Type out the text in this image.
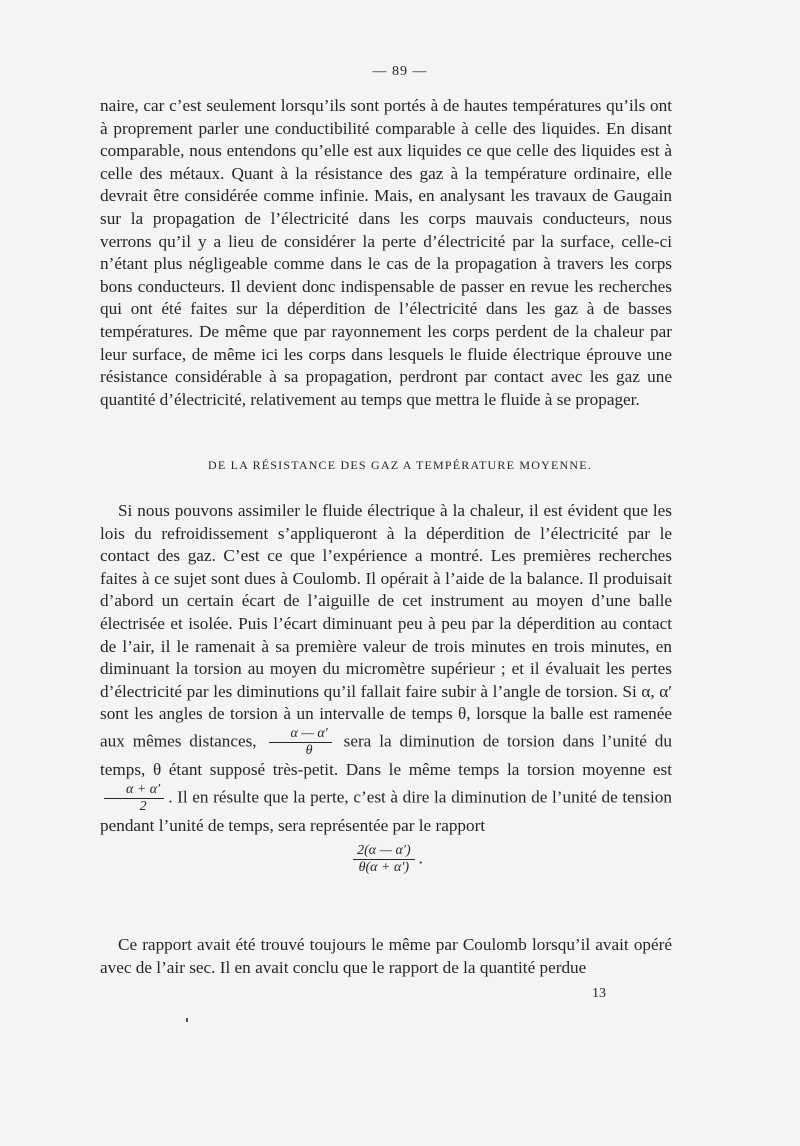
— 89 —

naire, car c’est seulement lorsqu’ils sont portés à de hautes températures qu’ils ont à proprement parler une conductibilité comparable à celle des liquides. En disant comparable, nous entendons qu’elle est aux liquides ce que celle des liquides est à celle des métaux. Quant à la résistance des gaz à la température ordinaire, elle devrait être considérée comme infinie. Mais, en analysant les travaux de Gaugain sur la propagation de l’électricité dans les corps mauvais conducteurs, nous verrons qu’il y a lieu de considérer la perte d’électricité par la surface, celle-ci n’étant plus négligeable comme dans le cas de la propagation à travers les corps bons conducteurs. Il devient donc indispensable de passer en revue les recherches qui ont été faites sur la déperdition de l’électricité dans les gaz à de basses températures. De même que par rayonnement les corps perdent de la chaleur par leur surface, de même ici les corps dans lesquels le fluide électrique éprouve une résistance considérable à sa propagation, perdront par contact avec les gaz une quantité d’électricité, relativement au temps que mettra le fluide à se propager.

DE LA RÉSISTANCE DES GAZ A TEMPÉRATURE MOYENNE.

Si nous pouvons assimiler le fluide électrique à la chaleur, il est évident que les lois du refroidissement s’appliqueront à la déperdition de l’électricité par le contact des gaz. C’est ce que l’expérience a montré. Les premières recherches faites à ce sujet sont dues à Coulomb. Il opérait à l’aide de la balance. Il produisait d’abord un certain écart de l’aiguille de cet instrument au moyen d’une balle électrisée et isolée. Puis l’écart diminuant peu à peu par la déperdition au contact de l’air, il le ramenait à sa première valeur de trois minutes en trois minutes, en diminuant la torsion au moyen du micromètre supérieur ; et il évaluait les pertes d’électricité par les diminutions qu’il fallait faire subir à l’angle de torsion. Si α, α′ sont les angles de torsion à un intervalle de temps θ, lorsque la balle est ramenée aux mêmes distances, $\frac{\alpha — \alpha'}{\theta}$ sera la diminution de torsion dans l’unité du temps, θ étant supposé très-petit. Dans le même temps la torsion moyenne est
$\frac{\alpha + \alpha'}{2}$ . Il en résulte que la perte, c’est à dire la diminution de l’unité de tension pendant l’unité de temps, sera représentée par le rapport

$\frac{2(\alpha — \alpha')}{\theta(\alpha + \alpha')}$ .

Ce rapport avait été trouvé toujours le même par Coulomb lorsqu’il avait opéré avec de l’air sec. Il en avait conclu que le rapport de la quantité perdue

13
